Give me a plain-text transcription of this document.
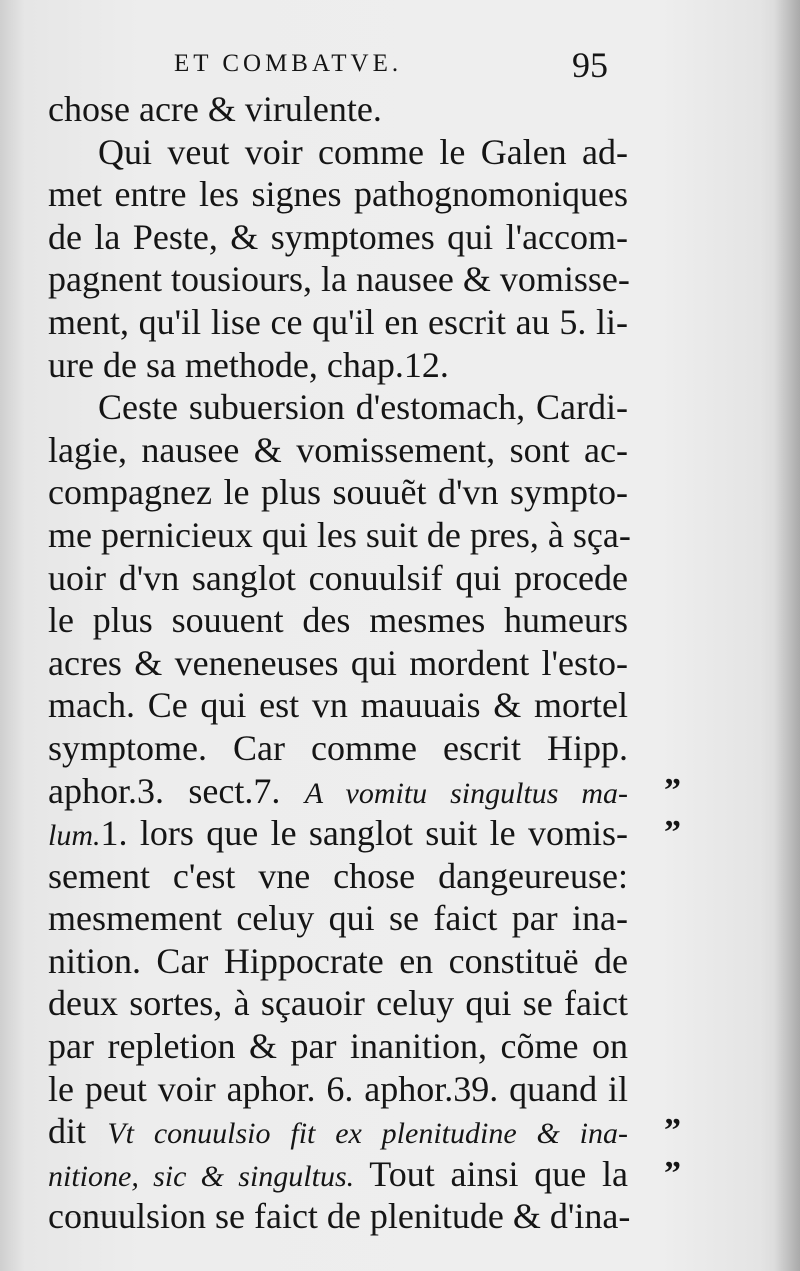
ET COMBATVE.	95
chose acre & virulente.
Qui veut voir comme le Galen ad-
met entre les signes pathognomoniques
de la Peste, & symptomes qui l'accom-
pagnent tousiours, la nausee & vomisse-
ment, qu'il lise ce qu'il en escrit au 5. li-
ure de sa methode, chap.12.
Ceste subuersion d'estomach, Cardi-
lagie, nausee & vomissement, sont ac-
compagnez le plus souuẽt d'vn sympto-
me pernicieux qui les suit de pres, à sça-
uoir d'vn sanglot conuulsif qui procede
le plus souuent des mesmes humeurs
acres & veneneuses qui mordent l'esto-
mach. Ce qui est vn mauuais & mortel
symptome. Car comme escrit Hipp.
aphor.3. sect.7. A vomitu singultus ma-
lum.1. lors que le sanglot suit le vomis-
sement c'est vne chose dangeureuse:
mesmement celuy qui se faict par ina-
nition. Car Hippocrate en constituë de
deux sortes, à sçauoir celuy qui se faict
par repletion & par inanition, cõme on
le peut voir aphor. 6. aphor.39. quand il
dit Vt conuulsio fit ex plenitudine & ina-
nitione, sic & singultus. Tout ainsi que la
conuulsion se faict de plenitude & d'ina-
”
”
”
”
